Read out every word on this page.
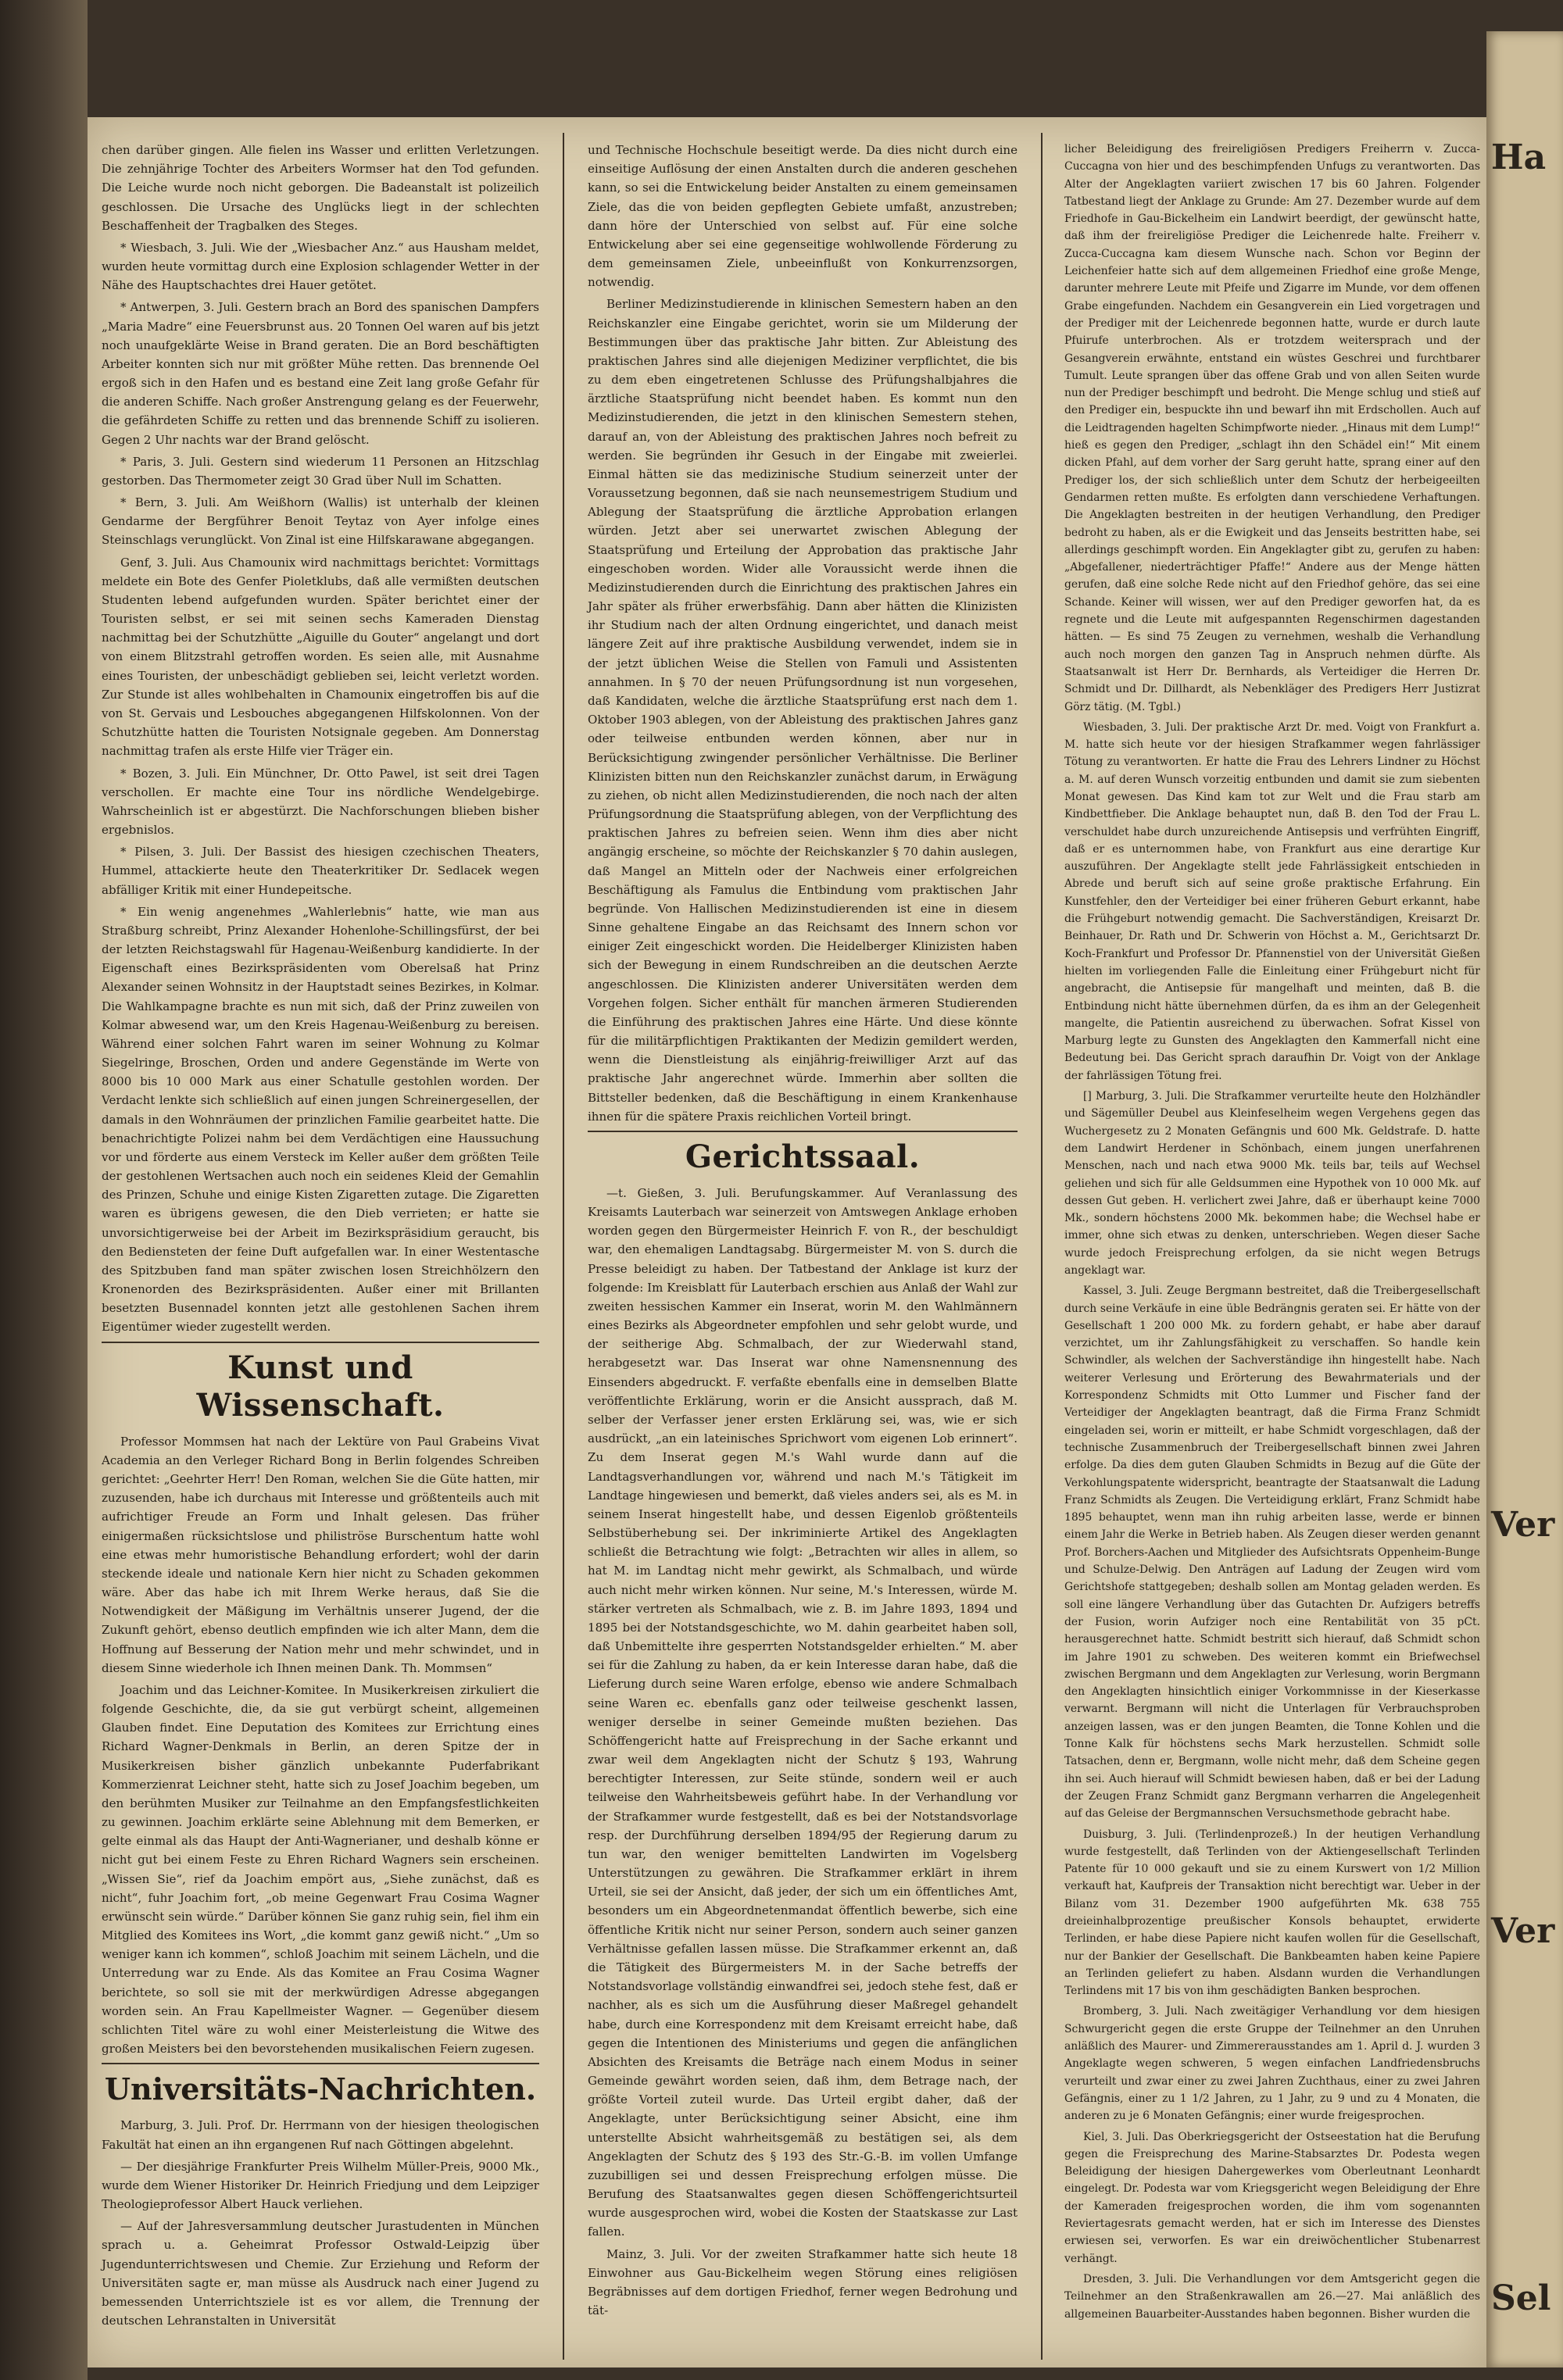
chen darüber gingen. Alle fielen ins Wasser und erlitten Verletzungen. Die zehnjährige Tochter des Arbeiters Wormser hat den Tod gefunden. Die Leiche wurde noch nicht geborgen. Die Badeanstalt ist polizeilich geschlossen. Die Ursache des Unglücks liegt in der schlechten Beschaffenheit der Tragbalken des Steges.

* Wiesbach, 3. Juli. Wie der „Wiesbacher Anz.“ aus Hausham meldet, wurden heute vormittag durch eine Explosion schlagender Wetter in der Nähe des Hauptschachtes drei Hauer getötet.

* Antwerpen, 3. Juli. Gestern brach an Bord des spanischen Dampfers „Maria Madre“ eine Feuersbrunst aus. 20 Tonnen Oel waren auf bis jetzt noch unaufgeklärte Weise in Brand geraten. Die an Bord beschäftigten Arbeiter konnten sich nur mit größter Mühe retten. Das brennende Oel ergoß sich in den Hafen und es bestand eine Zeit lang große Gefahr für die anderen Schiffe. Nach großer Anstrengung gelang es der Feuerwehr, die gefährdeten Schiffe zu retten und das brennende Schiff zu isolieren. Gegen 2 Uhr nachts war der Brand gelöscht.

* Paris, 3. Juli. Gestern sind wiederum 11 Personen an Hitzschlag gestorben. Das Thermometer zeigt 30 Grad über Null im Schatten.

* Bern, 3. Juli. Am Weißhorn (Wallis) ist unterhalb der kleinen Gendarme der Bergführer Benoit Teytaz von Ayer infolge eines Steinschlags verunglückt. Von Zinal ist eine Hilfskarawane abgegangen.

Genf, 3. Juli. Aus Chamounix wird nachmittags berichtet: Vormittags meldete ein Bote des Genfer Pioletklubs, daß alle vermißten deutschen Studenten lebend aufgefunden wurden. Später berichtet einer der Touristen selbst, er sei mit seinen sechs Kameraden Dienstag nachmittag bei der Schutzhütte „Aiguille du Gouter“ angelangt und dort von einem Blitzstrahl getroffen worden. Es seien alle, mit Ausnahme eines Touristen, der unbeschädigt geblieben sei, leicht verletzt worden. Zur Stunde ist alles wohlbehalten in Chamounix eingetroffen bis auf die von St. Gervais und Lesbouches abgegangenen Hilfskolonnen. Von der Schutzhütte hatten die Touristen Notsignale gegeben. Am Donnerstag nachmittag trafen als erste Hilfe vier Träger ein.

* Bozen, 3. Juli. Ein Münchner, Dr. Otto Pawel, ist seit drei Tagen verschollen. Er machte eine Tour ins nördliche Wendelgebirge. Wahrscheinlich ist er abgestürzt. Die Nachforschungen blieben bisher ergebnislos.

* Pilsen, 3. Juli. Der Bassist des hiesigen czechischen Theaters, Hummel, attackierte heute den Theaterkritiker Dr. Sedlacek wegen abfälliger Kritik mit einer Hundepeitsche.

* Ein wenig angenehmes „Wahlerlebnis“ hatte, wie man aus Straßburg schreibt, Prinz Alexander Hohenlohe-Schillingsfürst, der bei der letzten Reichstagswahl für Hagenau-Weißenburg kandidierte. In der Eigenschaft eines Bezirkspräsidenten vom Oberelsaß hat Prinz Alexander seinen Wohnsitz in der Hauptstadt seines Bezirkes, in Kolmar. Die Wahlkampagne brachte es nun mit sich, daß der Prinz zuweilen von Kolmar abwesend war, um den Kreis Hagenau-Weißenburg zu bereisen. Während einer solchen Fahrt waren im seiner Wohnung zu Kolmar Siegelringe, Broschen, Orden und andere Gegenstände im Werte von 8000 bis 10 000 Mark aus einer Schatulle gestohlen worden. Der Verdacht lenkte sich schließlich auf einen jungen Schreinergesellen, der damals in den Wohnräumen der prinzlichen Familie gearbeitet hatte. Die benachrichtigte Polizei nahm bei dem Verdächtigen eine Haussuchung vor und förderte aus einem Versteck im Keller außer dem größten Teile der gestohlenen Wertsachen auch noch ein seidenes Kleid der Gemahlin des Prinzen, Schuhe und einige Kisten Zigaretten zutage. Die Zigaretten waren es übrigens gewesen, die den Dieb verrieten; er hatte sie unvorsichtigerweise bei der Arbeit im Bezirkspräsidium geraucht, bis den Bediensteten der feine Duft aufgefallen war. In einer Westentasche des Spitzbuben fand man später zwischen losen Streichhölzern den Kronenorden des Bezirkspräsidenten. Außer einer mit Brillanten besetzten Busennadel konnten jetzt alle gestohlenen Sachen ihrem Eigentümer wieder zugestellt werden.

Kunst und Wissenschaft.

Professor Mommsen hat nach der Lektüre von Paul Grabeins Vivat Academia an den Verleger Richard Bong in Berlin folgendes Schreiben gerichtet: „Geehrter Herr! Den Roman, welchen Sie die Güte hatten, mir zuzusenden, habe ich durchaus mit Interesse und größtenteils auch mit aufrichtiger Freude an Form und Inhalt gelesen. Das früher einigermaßen rücksichtslose und philiströse Burschentum hatte wohl eine etwas mehr humoristische Behandlung erfordert; wohl der darin steckende ideale und nationale Kern hier nicht zu Schaden gekommen wäre. Aber das habe ich mit Ihrem Werke heraus, daß Sie die Notwendigkeit der Mäßigung im Verhältnis unserer Jugend, der die Zukunft gehört, ebenso deutlich empfinden wie ich alter Mann, dem die Hoffnung auf Besserung der Nation mehr und mehr schwindet, und in diesem Sinne wiederhole ich Ihnen meinen Dank. Th. Mommsen“

Joachim und das Leichner-Komitee. In Musikerkreisen zirkuliert die folgende Geschichte, die, da sie gut verbürgt scheint, allgemeinen Glauben findet. Eine Deputation des Komitees zur Errichtung eines Richard Wagner-Denkmals in Berlin, an deren Spitze der in Musikerkreisen bisher gänzlich unbekannte Puderfabrikant Kommerzienrat Leichner steht, hatte sich zu Josef Joachim begeben, um den berühmten Musiker zur Teilnahme an den Empfangsfestlichkeiten zu gewinnen. Joachim erklärte seine Ablehnung mit dem Bemerken, er gelte einmal als das Haupt der Anti-Wagnerianer, und deshalb könne er nicht gut bei einem Feste zu Ehren Richard Wagners sein erscheinen. „Wissen Sie“, rief da Joachim empört aus, „Siehe zunächst, daß es nicht“, fuhr Joachim fort, „ob meine Gegenwart Frau Cosima Wagner erwünscht sein würde.“ Darüber können Sie ganz ruhig sein, fiel ihm ein Mitglied des Komitees ins Wort, „die kommt ganz gewiß nicht.“ „Um so weniger kann ich kommen“, schloß Joachim mit seinem Lächeln, und die Unterredung war zu Ende. Als das Komitee an Frau Cosima Wagner berichtete, so soll sie mit der merkwürdigen Adresse abgegangen worden sein. An Frau Kapellmeister Wagner. — Gegenüber diesem schlichten Titel wäre zu wohl einer Meisterleistung die Witwe des großen Meisters bei den bevorstehenden musikalischen Feiern zugesen.

Universitäts-Nachrichten.

Marburg, 3. Juli. Prof. Dr. Herrmann von der hiesigen theologischen Fakultät hat einen an ihn ergangenen Ruf nach Göttingen abgelehnt.

— Der diesjährige Frankfurter Preis Wilhelm Müller-Preis, 9000 Mk., wurde dem Wiener Historiker Dr. Heinrich Friedjung und dem Leipziger Theologieprofessor Albert Hauck verliehen.

— Auf der Jahresversammlung deutscher Jurastudenten in München sprach u. a. Geheimrat Professor Ostwald-Leipzig über Jugendunterrichtswesen und Chemie. Zur Erziehung und Reform der Universitäten sagte er, man müsse als Ausdruck nach einer Jugend zu bemessenden Unterrichtsziele ist es vor allem, die Trennung der deutschen Lehranstalten in Universität

und Technische Hochschule beseitigt werde. Da dies nicht durch eine einseitige Auflösung der einen Anstalten durch die anderen geschehen kann, so sei die Entwickelung beider Anstalten zu einem gemeinsamen Ziele, das die von beiden gepflegten Gebiete umfaßt, anzustreben; dann höre der Unterschied von selbst auf. Für eine solche Entwickelung aber sei eine gegenseitige wohlwollende Förderung zu dem gemeinsamen Ziele, unbeeinflußt von Konkurrenzsorgen, notwendig.

Berliner Medizinstudierende in klinischen Semestern haben an den Reichskanzler eine Eingabe gerichtet, worin sie um Milderung der Bestimmungen über das praktische Jahr bitten. Zur Ableistung des praktischen Jahres sind alle diejenigen Mediziner verpflichtet, die bis zu dem eben eingetretenen Schlusse des Prüfungshalbjahres die ärztliche Staatsprüfung nicht beendet haben. Es kommt nun den Medizinstudierenden, die jetzt in den klinischen Semestern stehen, darauf an, von der Ableistung des praktischen Jahres noch befreit zu werden. Sie begründen ihr Gesuch in der Eingabe mit zweierlei. Einmal hätten sie das medizinische Studium seinerzeit unter der Voraussetzung begonnen, daß sie nach neunsemestrigem Studium und Ablegung der Staatsprüfung die ärztliche Approbation erlangen würden. Jetzt aber sei unerwartet zwischen Ablegung der Staatsprüfung und Erteilung der Approbation das praktische Jahr eingeschoben worden. Wider alle Voraussicht werde ihnen die Medizinstudierenden durch die Einrichtung des praktischen Jahres ein Jahr später als früher erwerbsfähig. Dann aber hätten die Klinizisten ihr Studium nach der alten Ordnung eingerichtet, und danach meist längere Zeit auf ihre praktische Ausbildung verwendet, indem sie in der jetzt üblichen Weise die Stellen von Famuli und Assistenten annahmen. In § 70 der neuen Prüfungsordnung ist nun vorgesehen, daß Kandidaten, welche die ärztliche Staatsprüfung erst nach dem 1. Oktober 1903 ablegen, von der Ableistung des praktischen Jahres ganz oder teilweise entbunden werden können, aber nur in Berücksichtigung zwingender persönlicher Verhältnisse. Die Berliner Klinizisten bitten nun den Reichskanzler zunächst darum, in Erwägung zu ziehen, ob nicht allen Medizinstudierenden, die noch nach der alten Prüfungsordnung die Staatsprüfung ablegen, von der Verpflichtung des praktischen Jahres zu befreien seien. Wenn ihm dies aber nicht angängig erscheine, so möchte der Reichskanzler § 70 dahin auslegen, daß Mangel an Mitteln oder der Nachweis einer erfolgreichen Beschäftigung als Famulus die Entbindung vom praktischen Jahr begründe. Von Hallischen Medizinstudierenden ist eine in diesem Sinne gehaltene Eingabe an das Reichsamt des Innern schon vor einiger Zeit eingeschickt worden. Die Heidelberger Klinizisten haben sich der Bewegung in einem Rundschreiben an die deutschen Aerzte angeschlossen. Die Klinizisten anderer Universitäten werden dem Vorgehen folgen. Sicher enthält für manchen ärmeren Studierenden die Einführung des praktischen Jahres eine Härte. Und diese könnte für die militärpflichtigen Praktikanten der Medizin gemildert werden, wenn die Dienstleistung als einjährig-freiwilliger Arzt auf das praktische Jahr angerechnet würde. Immerhin aber sollten die Bittsteller bedenken, daß die Beschäftigung in einem Krankenhause ihnen für die spätere Praxis reichlichen Vorteil bringt.

Gerichtssaal.

—t. Gießen, 3. Juli. Berufungskammer. Auf Veranlassung des Kreisamts Lauterbach war seinerzeit von Amtswegen Anklage erhoben worden gegen den Bürgermeister Heinrich F. von R., der beschuldigt war, den ehemaligen Landtagsabg. Bürgermeister M. von S. durch die Presse beleidigt zu haben. Der Tatbestand der Anklage ist kurz der folgende: Im Kreisblatt für Lauterbach erschien aus Anlaß der Wahl zur zweiten hessischen Kammer ein Inserat, worin M. den Wahlmännern eines Bezirks als Abgeordneter empfohlen und sehr gelobt wurde, und der seitherige Abg. Schmalbach, der zur Wiederwahl stand, herabgesetzt war. Das Inserat war ohne Namensnennung des Einsenders abgedruckt. F. verfaßte ebenfalls eine in demselben Blatte veröffentlichte Erklärung, worin er die Ansicht aussprach, daß M. selber der Verfasser jener ersten Erklärung sei, was, wie er sich ausdrückt, „an ein lateinisches Sprichwort vom eigenen Lob erinnert“. Zu dem Inserat gegen M.'s Wahl wurde dann auf die Landtagsverhandlungen vor, während und nach M.'s Tätigkeit im Landtage hingewiesen und bemerkt, daß vieles anders sei, als es M. in seinem Inserat hingestellt habe, und dessen Eigenlob größtenteils Selbstüberhebung sei. Der inkriminierte Artikel des Angeklagten schließt die Betrachtung wie folgt: „Betrachten wir alles in allem, so hat M. im Landtag nicht mehr gewirkt, als Schmalbach, und würde auch nicht mehr wirken können. Nur seine, M.'s Interessen, würde M. stärker vertreten als Schmalbach, wie z. B. im Jahre 1893, 1894 und 1895 bei der Notstandsgeschichte, wo M. dahin gearbeitet haben soll, daß Unbemittelte ihre gesperrten Notstandsgelder erhielten.“ M. aber sei für die Zahlung zu haben, da er kein Interesse daran habe, daß die Lieferung durch seine Waren erfolge, ebenso wie andere Schmalbach seine Waren ec. ebenfalls ganz oder teilweise geschenkt lassen, weniger derselbe in seiner Gemeinde mußten beziehen. Das Schöffengericht hatte auf Freisprechung in der Sache erkannt und zwar weil dem Angeklagten nicht der Schutz § 193, Wahrung berechtigter Interessen, zur Seite stünde, sondern weil er auch teilweise den Wahrheitsbeweis geführt habe. In der Verhandlung vor der Strafkammer wurde festgestellt, daß es bei der Notstandsvorlage resp. der Durchführung derselben 1894/95 der Regierung darum zu tun war, den weniger bemittelten Landwirten im Vogelsberg Unterstützungen zu gewähren. Die Strafkammer erklärt in ihrem Urteil, sie sei der Ansicht, daß jeder, der sich um ein öffentliches Amt, besonders um ein Abgeordnetenmandat öffentlich bewerbe, sich eine öffentliche Kritik nicht nur seiner Person, sondern auch seiner ganzen Verhältnisse gefallen lassen müsse. Die Strafkammer erkennt an, daß die Tätigkeit des Bürgermeisters M. in der Sache betreffs der Notstandsvorlage vollständig einwandfrei sei, jedoch stehe fest, daß er nachher, als es sich um die Ausführung dieser Maßregel gehandelt habe, durch eine Korrespondenz mit dem Kreisamt erreicht habe, daß gegen die Intentionen des Ministeriums und gegen die anfänglichen Absichten des Kreisamts die Beträge nach einem Modus in seiner Gemeinde gewährt worden seien, daß ihm, dem Betrage nach, der größte Vorteil zuteil wurde. Das Urteil ergibt daher, daß der Angeklagte, unter Berücksichtigung seiner Absicht, eine ihm unterstellte Absicht wahrheitsgemäß zu bestätigen sei, als dem Angeklagten der Schutz des § 193 des Str.-G.-B. im vollen Umfange zuzubilligen sei und dessen Freisprechung erfolgen müsse. Die Berufung des Staatsanwaltes gegen diesen Schöffengerichtsurteil wurde ausgesprochen wird, wobei die Kosten der Staatskasse zur Last fallen.

Mainz, 3. Juli. Vor der zweiten Strafkammer hatte sich heute 18 Einwohner aus Gau-Bickelheim wegen Störung eines religiösen Begräbnisses auf dem dortigen Friedhof, ferner wegen Bedrohung und tät-

licher Beleidigung des freireligiösen Predigers Freiherrn v. Zucca-Cuccagna von hier und des beschimpfenden Unfugs zu verantworten. Das Alter der Angeklagten variiert zwischen 17 bis 60 Jahren. Folgender Tatbestand liegt der Anklage zu Grunde: Am 27. Dezember wurde auf dem Friedhofe in Gau-Bickelheim ein Landwirt beerdigt, der gewünscht hatte, daß ihm der freireligiöse Prediger die Leichenrede halte. Freiherr v. Zucca-Cuccagna kam diesem Wunsche nach. Schon vor Beginn der Leichenfeier hatte sich auf dem allgemeinen Friedhof eine große Menge, darunter mehrere Leute mit Pfeife und Zigarre im Munde, vor dem offenen Grabe eingefunden. Nachdem ein Gesangverein ein Lied vorgetragen und der Prediger mit der Leichenrede begonnen hatte, wurde er durch laute Pfuirufe unterbrochen. Als er trotzdem weitersprach und der Gesangverein erwähnte, entstand ein wüstes Geschrei und furchtbarer Tumult. Leute sprangen über das offene Grab und von allen Seiten wurde nun der Prediger beschimpft und bedroht. Die Menge schlug und stieß auf den Prediger ein, bespuckte ihn und bewarf ihn mit Erdschollen. Auch auf die Leidtragenden hagelten Schimpfworte nieder. „Hinaus mit dem Lump!“ hieß es gegen den Prediger, „schlagt ihn den Schädel ein!“ Mit einem dicken Pfahl, auf dem vorher der Sarg geruht hatte, sprang einer auf den Prediger los, der sich schließlich unter dem Schutz der herbeigeeilten Gendarmen retten mußte. Es erfolgten dann verschiedene Verhaftungen. Die Angeklagten bestreiten in der heutigen Verhandlung, den Prediger bedroht zu haben, als er die Ewigkeit und das Jenseits bestritten habe, sei allerdings geschimpft worden. Ein Angeklagter gibt zu, gerufen zu haben: „Abgefallener, niederträchtiger Pfaffe!“ Andere aus der Menge hätten gerufen, daß eine solche Rede nicht auf den Friedhof gehöre, das sei eine Schande. Keiner will wissen, wer auf den Prediger geworfen hat, da es regnete und die Leute mit aufgespannten Regenschirmen dagestanden hätten. — Es sind 75 Zeugen zu vernehmen, weshalb die Verhandlung auch noch morgen den ganzen Tag in Anspruch nehmen dürfte. Als Staatsanwalt ist Herr Dr. Bernhards, als Verteidiger die Herren Dr. Schmidt und Dr. Dillhardt, als Nebenkläger des Predigers Herr Justizrat Görz tätig. (M. Tgbl.)

Wiesbaden, 3. Juli. Der praktische Arzt Dr. med. Voigt von Frankfurt a. M. hatte sich heute vor der hiesigen Strafkammer wegen fahrlässiger Tötung zu verantworten. Er hatte die Frau des Lehrers Lindner zu Höchst a. M. auf deren Wunsch vorzeitig entbunden und damit sie zum siebenten Monat gewesen. Das Kind kam tot zur Welt und die Frau starb am Kindbettfieber. Die Anklage behauptet nun, daß B. den Tod der Frau L. verschuldet habe durch unzureichende Antisepsis und verfrühten Eingriff, daß er es unternommen habe, von Frankfurt aus eine derartige Kur auszuführen. Der Angeklagte stellt jede Fahrlässigkeit entschieden in Abrede und beruft sich auf seine große praktische Erfahrung. Ein Kunstfehler, den der Verteidiger bei einer früheren Geburt erkannt, habe die Frühgeburt notwendig gemacht. Die Sachverständigen, Kreisarzt Dr. Beinhauer, Dr. Rath und Dr. Schwerin von Höchst a. M., Gerichtsarzt Dr. Koch-Frankfurt und Professor Dr. Pfannenstiel von der Universität Gießen hielten im vorliegenden Falle die Einleitung einer Frühgeburt nicht für angebracht, die Antisepsie für mangelhaft und meinten, daß B. die Entbindung nicht hätte übernehmen dürfen, da es ihm an der Gelegenheit mangelte, die Patientin ausreichend zu überwachen. Sofrat Kissel von Marburg legte zu Gunsten des Angeklagten den Kammerfall nicht eine Bedeutung bei. Das Gericht sprach daraufhin Dr. Voigt von der Anklage der fahrlässigen Tötung frei.

[] Marburg, 3. Juli. Die Strafkammer verurteilte heute den Holzhändler und Sägemüller Deubel aus Kleinfeselheim wegen Vergehens gegen das Wuchergesetz zu 2 Monaten Gefängnis und 600 Mk. Geldstrafe. D. hatte dem Landwirt Herdener in Schönbach, einem jungen unerfahrenen Menschen, nach und nach etwa 9000 Mk. teils bar, teils auf Wechsel geliehen und sich für alle Geldsummen eine Hypothek von 10 000 Mk. auf dessen Gut geben. H. verlichert zwei Jahre, daß er überhaupt keine 7000 Mk., sondern höchstens 2000 Mk. bekommen habe; die Wechsel habe er immer, ohne sich etwas zu denken, unterschrieben. Wegen dieser Sache wurde jedoch Freisprechung erfolgen, da sie nicht wegen Betrugs angeklagt war.

Kassel, 3. Juli. Zeuge Bergmann bestreitet, daß die Treibergesellschaft durch seine Verkäufe in eine üble Bedrängnis geraten sei. Er hätte von der Gesellschaft 1 200 000 Mk. zu fordern gehabt, er habe aber darauf verzichtet, um ihr Zahlungsfähigkeit zu verschaffen. So handle kein Schwindler, als welchen der Sachverständige ihn hingestellt habe. Nach weiterer Verlesung und Erörterung des Bewahrmaterials und der Korrespondenz Schmidts mit Otto Lummer und Fischer fand der Verteidiger der Angeklagten beantragt, daß die Firma Franz Schmidt eingeladen sei, worin er mitteilt, er habe Schmidt vorgeschlagen, daß der technische Zusammenbruch der Treibergesellschaft binnen zwei Jahren erfolge. Da dies dem guten Glauben Schmidts in Bezug auf die Güte der Verkohlungspatente widerspricht, beantragte der Staatsanwalt die Ladung Franz Schmidts als Zeugen. Die Verteidigung erklärt, Franz Schmidt habe 1895 behauptet, wenn man ihn ruhig arbeiten lasse, werde er binnen einem Jahr die Werke in Betrieb haben. Als Zeugen dieser werden genannt Prof. Borchers-Aachen und Mitglieder des Aufsichtsrats Oppenheim-Bunge und Schulze-Delwig. Den Anträgen auf Ladung der Zeugen wird vom Gerichtshofe stattgegeben; deshalb sollen am Montag geladen werden. Es soll eine längere Verhandlung über das Gutachten Dr. Aufzigers betreffs der Fusion, worin Aufziger noch eine Rentabilität von 35 pCt. herausgerechnet hatte. Schmidt bestritt sich hierauf, daß Schmidt schon im Jahre 1901 zu schweben. Des weiteren kommt ein Briefwechsel zwischen Bergmann und dem Angeklagten zur Verlesung, worin Bergmann den Angeklagten hinsichtlich einiger Vorkommnisse in der Kieserkasse verwarnt. Bergmann will nicht die Unterlagen für Verbrauchsproben anzeigen lassen, was er den jungen Beamten, die Tonne Kohlen und die Tonne Kalk für höchstens sechs Mark herzustellen. Schmidt solle Tatsachen, denn er, Bergmann, wolle nicht mehr, daß dem Scheine gegen ihn sei. Auch hierauf will Schmidt bewiesen haben, daß er bei der Ladung der Zeugen Franz Schmidt ganz Bergmann verharren die Angelegenheit auf das Geleise der Bergmannschen Versuchsmethode gebracht habe.

Duisburg, 3. Juli. (Terlindenprozeß.) In der heutigen Verhandlung wurde festgestellt, daß Terlinden von der Aktiengesellschaft Terlinden Patente für 10 000 gekauft und sie zu einem Kurswert von 1/2 Million verkauft hat, Kaufpreis der Transaktion nicht berechtigt war. Ueber in der Bilanz vom 31. Dezember 1900 aufgeführten Mk. 638 755 dreieinhalbprozentige preußischer Konsols behauptet, erwiderte Terlinden, er habe diese Papiere nicht kaufen wollen für die Gesellschaft, nur der Bankier der Gesellschaft. Die Bankbeamten haben keine Papiere an Terlinden geliefert zu haben. Alsdann wurden die Verhandlungen Terlindens mit 17 bis von ihm geschädigten Banken besprochen.

Bromberg, 3. Juli. Nach zweitägiger Verhandlung vor dem hiesigen Schwurgericht gegen die erste Gruppe der Teilnehmer an den Unruhen anläßlich des Maurer- und Zimmererausstandes am 1. April d. J. wurden 3 Angeklagte wegen schweren, 5 wegen einfachen Landfriedensbruchs verurteilt und zwar einer zu zwei Jahren Zuchthaus, einer zu zwei Jahren Gefängnis, einer zu 1 1/2 Jahren, zu 1 Jahr, zu 9 und zu 4 Monaten, die anderen zu je 6 Monaten Gefängnis; einer wurde freigesprochen.

Kiel, 3. Juli. Das Oberkriegsgericht der Ostseestation hat die Berufung gegen die Freisprechung des Marine-Stabsarztes Dr. Podesta wegen Beleidigung der hiesigen Dahergewerkes vom Oberleutnant Leonhardt eingelegt. Dr. Podesta war vom Kriegsgericht wegen Beleidigung der Ehre der Kameraden freigesprochen worden, die ihm vom sogenannten Reviertagesrats gemacht werden, hat er sich im Interesse des Dienstes erwiesen sei, verworfen. Es war ein dreiwöchentlicher Stubenarrest verhängt.

Dresden, 3. Juli. Die Verhandlungen vor dem Amtsgericht gegen die Teilnehmer an den Straßenkrawallen am 26.—27. Mai anläßlich des allgemeinen Bauarbeiter-Ausstandes haben begonnen. Bisher wurden die

Ha
Ver
Ver
Sel
